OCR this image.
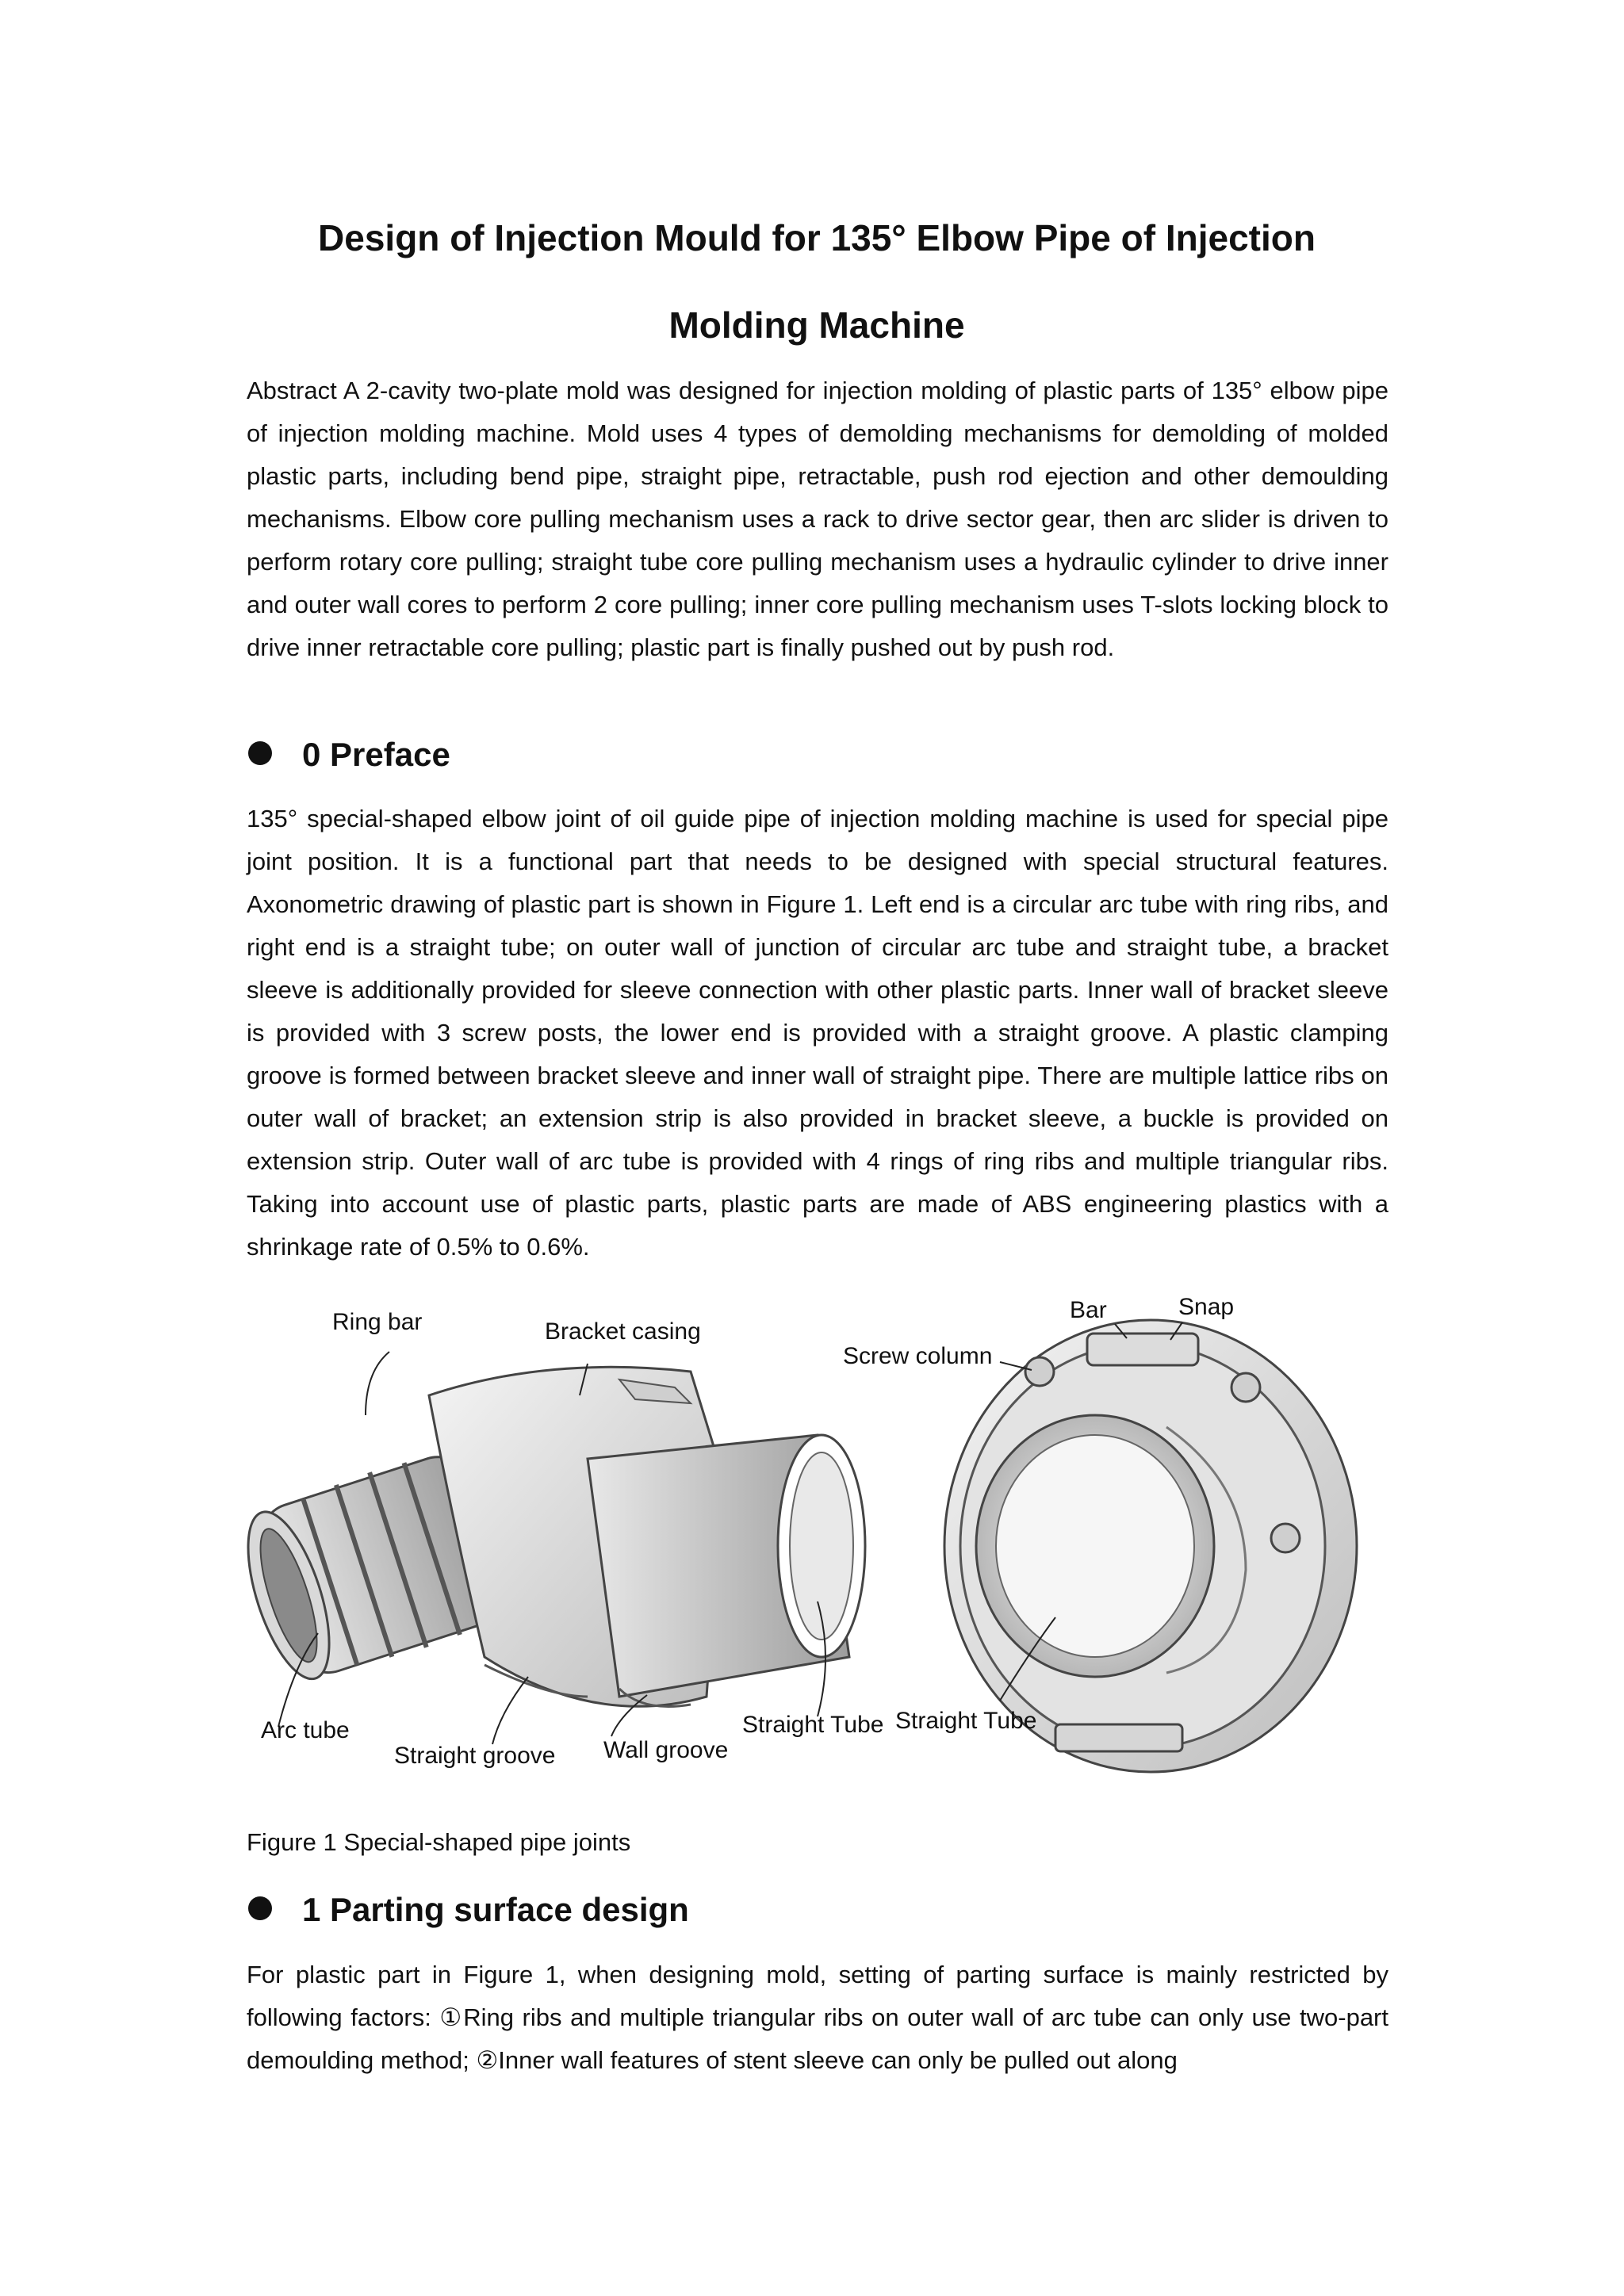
Design of Injection Mould for 135° Elbow Pipe of Injection
Molding Machine

Abstract A 2-cavity two-plate mold was designed for injection molding of plastic parts of 135° elbow pipe of injection molding machine. Mold uses 4 types of demolding mechanisms for demolding of molded plastic parts, including bend pipe, straight pipe, retractable, push rod ejection and other demoulding mechanisms. Elbow core pulling mechanism uses a rack to drive sector gear, then arc slider is driven to perform rotary core pulling; straight tube core pulling mechanism uses a hydraulic cylinder to drive inner and outer wall cores to perform 2 core pulling; inner core pulling mechanism uses T-slots locking block to drive inner retractable core pulling; plastic part is finally pushed out by push rod.

0 Preface

135° special-shaped elbow joint of oil guide pipe of injection molding machine is used for special pipe joint position. It is a functional part that needs to be designed with special structural features. Axonometric drawing of plastic part is shown in Figure 1. Left end is a circular arc tube with ring ribs, and right end is a straight tube; on outer wall of junction of circular arc tube and straight tube, a bracket sleeve is additionally provided for sleeve connection with other plastic parts. Inner wall of bracket sleeve is provided with 3 screw posts, the lower end is provided with a straight groove. A plastic clamping groove is formed between bracket sleeve and inner wall of straight pipe. There are multiple lattice ribs on outer wall of bracket; an extension strip is also provided in bracket sleeve, a buckle is provided on extension strip. Outer wall of arc tube is provided with 4 rings of ring ribs and multiple triangular ribs. Taking into account use of plastic parts, plastic parts are made of ABS engineering plastics with a shrinkage rate of 0.5% to 0.6%.

Ring bar	Bracket casing
Arc tube
Straight groove Wall groove
Straight Tube
Bar	Snap
Screw column
Straight Tube
Figure 1 Special-shaped pipe joints
1 Parting surface design

For plastic part in Figure 1, when designing mold, setting of parting surface is mainly restricted by following factors: ①Ring ribs and multiple triangular ribs on outer wall of arc tube can only use two-part demoulding method; ②Inner wall features of stent sleeve can only be pulled out along
